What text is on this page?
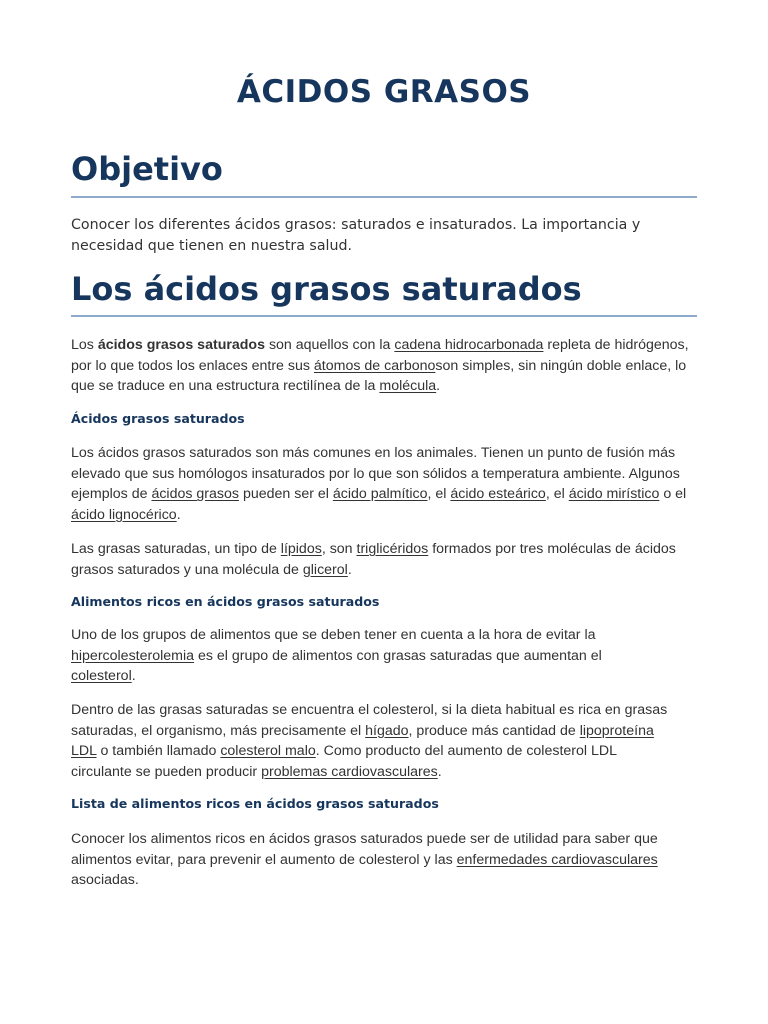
ÁCIDOS GRASOS
Objetivo

Conocer los diferentes ácidos grasos: saturados e insaturados. La importancia y necesidad que tienen en nuestra salud.

Los ácidos grasos saturados

Los ácidos grasos saturados son aquellos con la cadena hidrocarbonada repleta de hidrógenos, por lo que todos los enlaces entre sus átomos de carbonoson simples, sin ningún doble enlace, lo que se traduce en una estructura rectilínea de la molécula.

Ácidos grasos saturados

Los ácidos grasos saturados son más comunes en los animales. Tienen un punto de fusión más elevado que sus homólogos insaturados por lo que son sólidos a temperatura ambiente. Algunos ejemplos de ácidos grasos pueden ser el ácido palmítico, el ácido esteárico, el ácido mirístico o el ácido lignocérico.

Las grasas saturadas, un tipo de lípidos, son triglicéridos formados por tres moléculas de ácidos grasos saturados y una molécula de glicerol.

Alimentos ricos en ácidos grasos saturados

Uno de los grupos de alimentos que se deben tener en cuenta a la hora de evitar la hipercolesterolemia es el grupo de alimentos con grasas saturadas que aumentan el colesterol.

Dentro de las grasas saturadas se encuentra el colesterol, si la dieta habitual es rica en grasas saturadas, el organismo, más precisamente el hígado, produce más cantidad de lipoproteína LDL o también llamado colesterol malo. Como producto del aumento de colesterol LDL circulante se pueden producir problemas cardiovasculares.

Lista de alimentos ricos en ácidos grasos saturados

Conocer los alimentos ricos en ácidos grasos saturados puede ser de utilidad para saber que alimentos evitar, para prevenir el aumento de colesterol y las enfermedades cardiovasculares asociadas.
